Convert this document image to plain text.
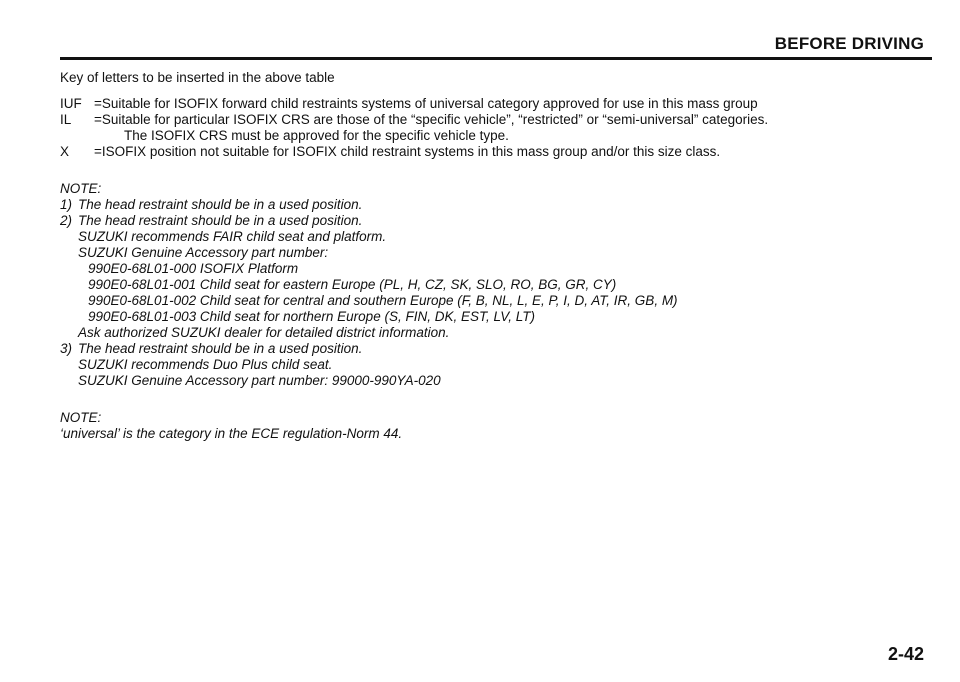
BEFORE DRIVING

Key of letters to be inserted in the above table

IUF =Suitable for ISOFIX forward child restraints systems of universal category approved for use in this mass group
IL	=Suitable for particular ISOFIX CRS are those of the “specific vehicle”, “restricted” or “semi-universal” categories.
The ISOFIX CRS must be approved for the specific vehicle type.
X	=ISOFIX position not suitable for ISOFIX child restraint systems in this mass group and/or this size class.
NOTE:
1) The head restraint should be in a used position.
2) The head restraint should be in a used position.
SUZUKI recommends FAIR child seat and platform.
SUZUKI Genuine Accessory part number:
990E0-68L01-000 ISOFIX Platform
990E0-68L01-001 Child seat for eastern Europe (PL, H, CZ, SK, SLO, RO, BG, GR, CY)
990E0-68L01-002 Child seat for central and southern Europe (F, B, NL, L, E, P, I, D, AT, IR, GB, M)
990E0-68L01-003 Child seat for northern Europe (S, FIN, DK, EST, LV, LT)
Ask authorized SUZUKI dealer for detailed district information.
3) The head restraint should be in a used position.
SUZUKI recommends Duo Plus child seat.
SUZUKI Genuine Accessory part number: 99000-990YA-020
NOTE:
‘universal’ is the category in the ECE regulation-Norm 44.
2-42
